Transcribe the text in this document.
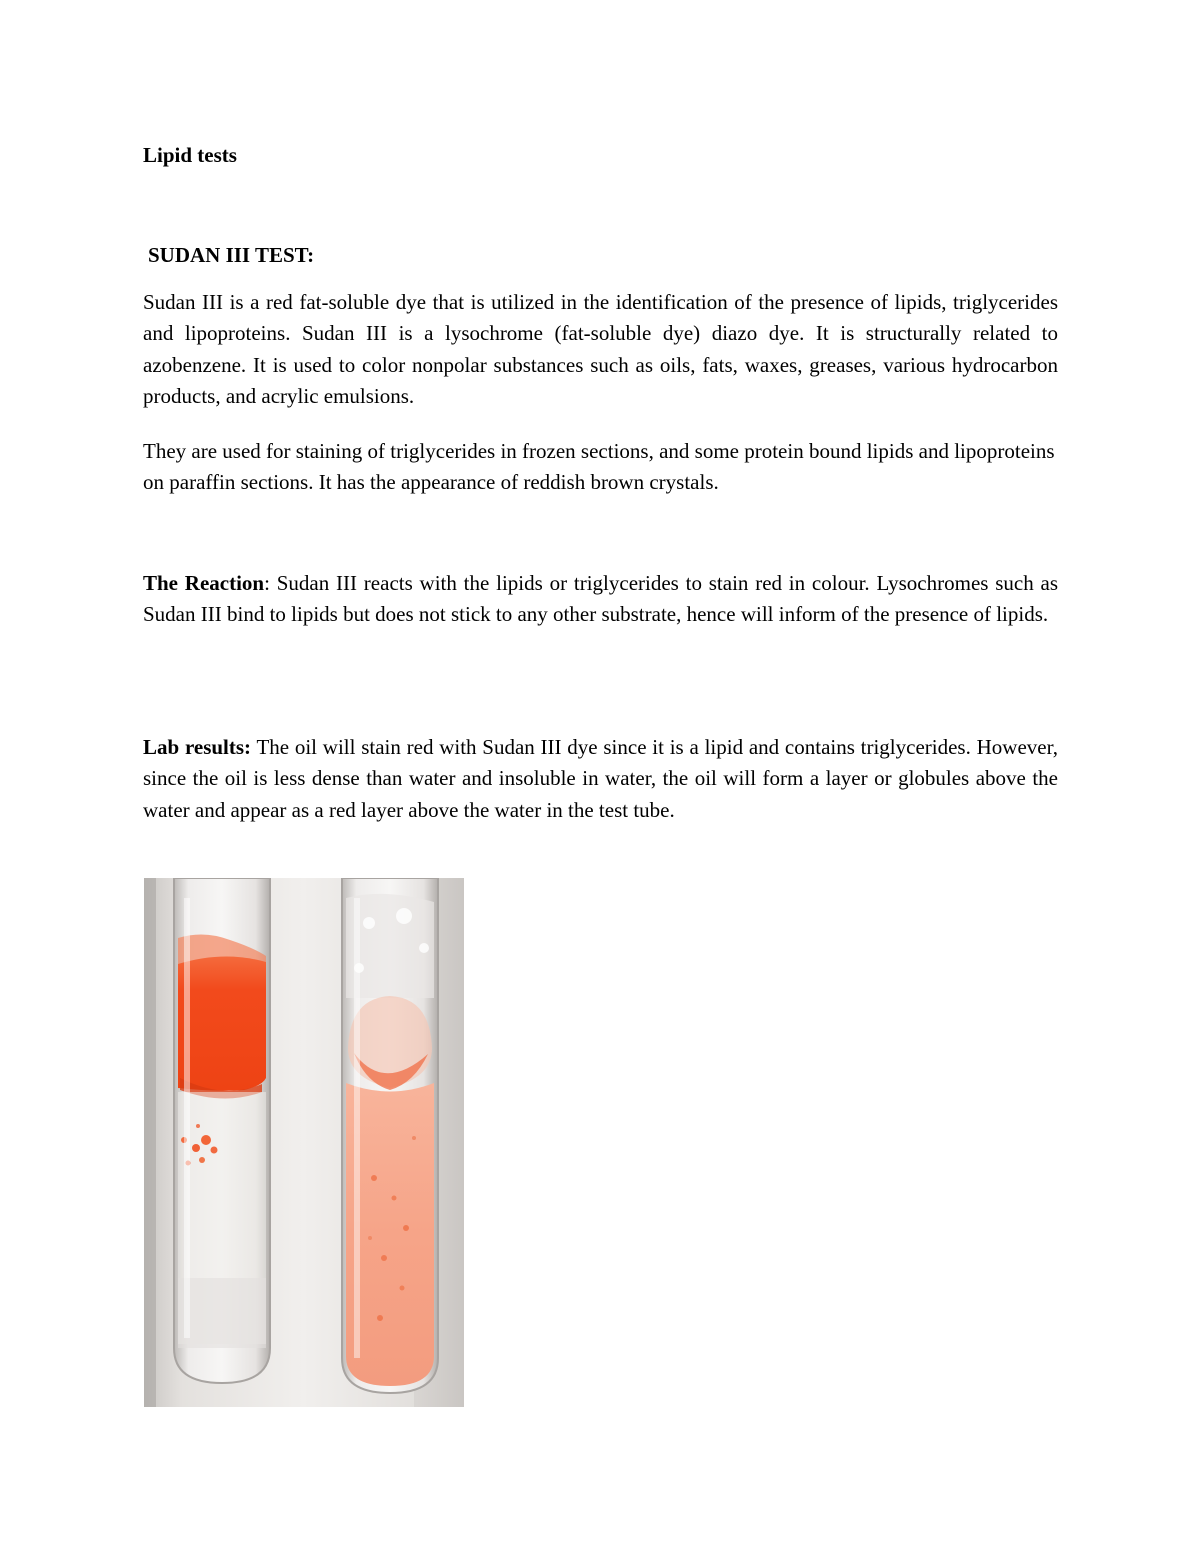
Lipid tests

SUDAN III TEST:

Sudan III is a red fat-soluble dye that is utilized in the identification of the presence of lipids, triglycerides and lipoproteins. Sudan III is a lysochrome (fat-soluble dye) diazo dye. It is structurally related to azobenzene. It is used to color nonpolar substances such as oils, fats, waxes, greases, various hydrocarbon products, and acrylic emulsions.

They are used for staining of triglycerides in frozen sections, and some protein bound lipids and lipoproteins on paraffin sections. It has the appearance of reddish brown crystals.

The Reaction: Sudan III reacts with the lipids or triglycerides to stain red in colour. Lysochromes such as Sudan III bind to lipids but does not stick to any other substrate, hence will inform of the presence of lipids.

Lab results: The oil will stain red with Sudan III dye since it is a lipid and contains triglycerides. However, since the oil is less dense than water and insoluble in water, the oil will form a layer or globules above the water and appear as a red layer above the water in the test tube.
